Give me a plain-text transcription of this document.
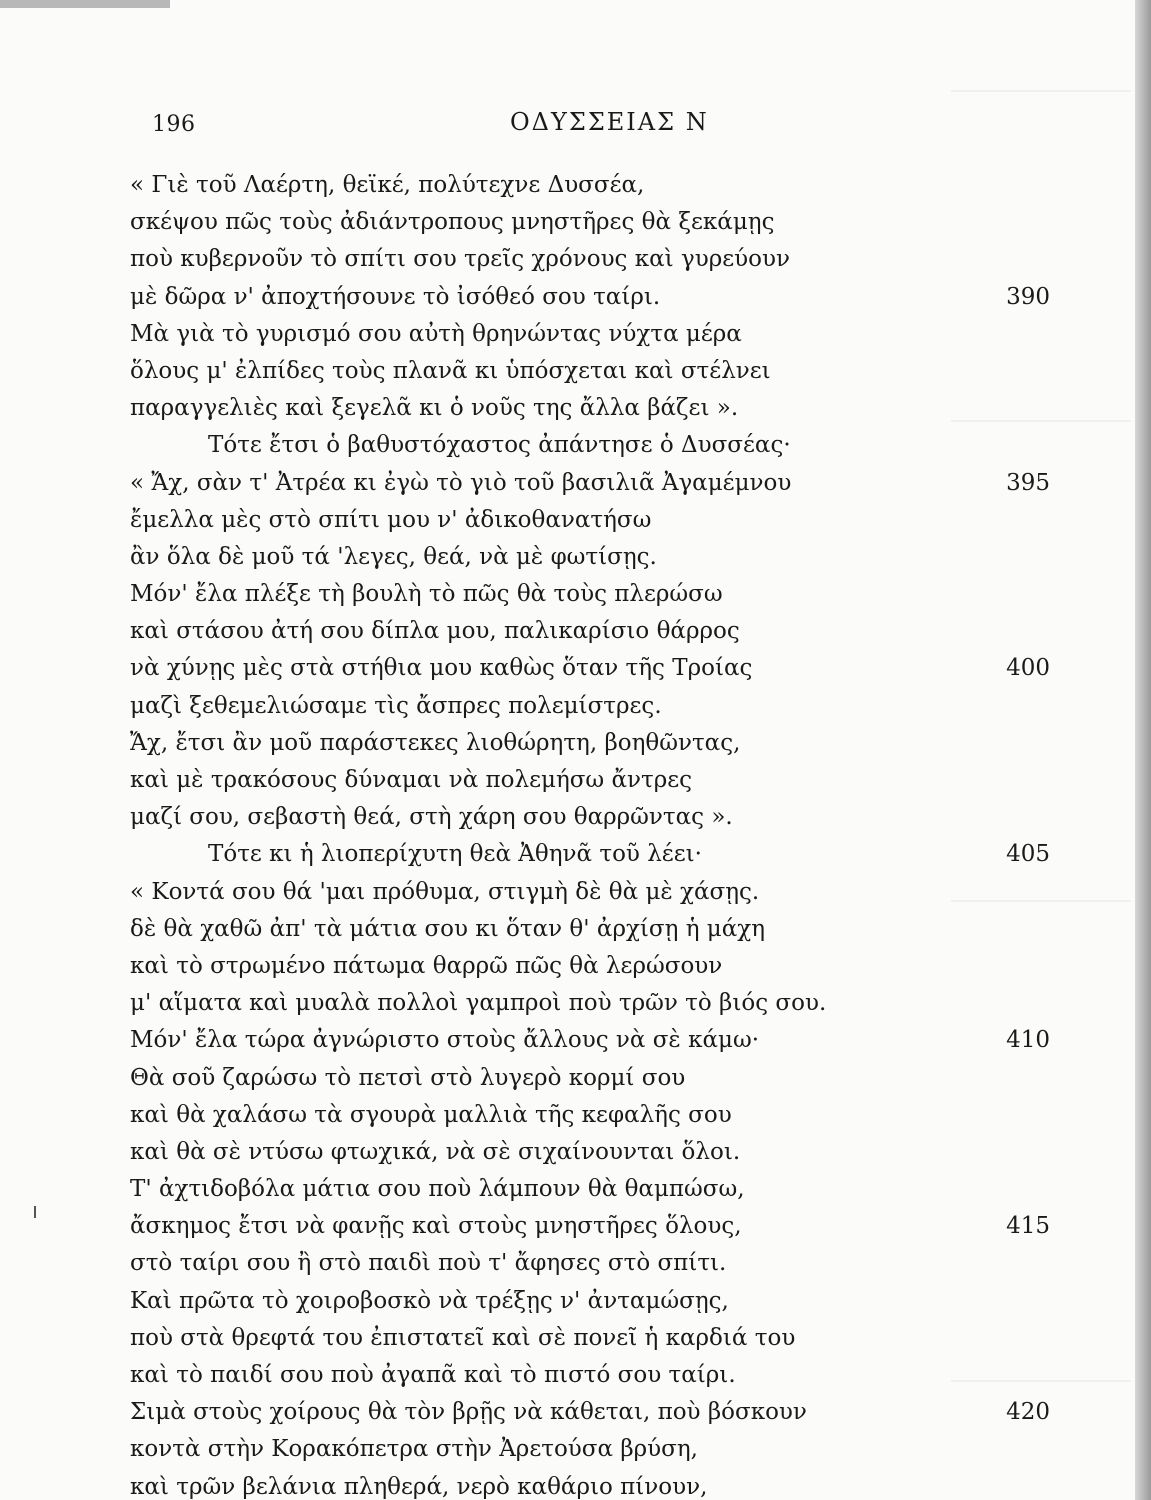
196	ΟΔΥΣΣΕΙΑΣ Ν
« Γιὲ τοῦ Λαέρτη, θεϊκέ, πολύτεχνε Δυσσέα,
σκέψου πῶς τοὺς ἀδιάντροπους μνηστῆρες θὰ ξεκάμῃς
ποὺ κυβερνοῦν τὸ σπίτι σου τρεῖς χρόνους καὶ γυρεύουν
μὲ δῶρα ν' ἀποχτήσουνε τὸ ἰσόθεό σου ταίρι.	390
Μὰ γιὰ τὸ γυρισμό σου αὐτὴ θρηνώντας νύχτα μέρα
ὅλους μ' ἐλπίδες τοὺς πλανᾶ κι ὑπόσχεται καὶ στέλνει
παραγγελιὲς καὶ ξεγελᾶ κι ὁ νοῦς της ἄλλα βάζει ».
Τότε ἔτσι ὁ βαθυστόχαστος ἀπάντησε ὁ Δυσσέας·
« Ἄχ, σὰν τ' Ἀτρέα κι ἐγὼ τὸ γιὸ τοῦ βασιλιᾶ Ἀγαμέμνου	395
ἔμελλα μὲς στὸ σπίτι μου ν' ἀδικοθανατήσω
ἂν ὅλα δὲ μοῦ τά 'λεγες, θεά, νὰ μὲ φωτίσῃς.
Μόν' ἔλα πλέξε τὴ βουλὴ τὸ πῶς θὰ τοὺς πλερώσω
καὶ στάσου ἀτή σου δίπλα μου, παλικαρίσιο θάρρος
νὰ χύνῃς μὲς στὰ στήθια μου καθὼς ὅταν τῆς Τροίας	400
μαζὶ ξεθεμελιώσαμε τὶς ἄσπρες πολεμίστρες.
Ἄχ, ἔτσι ἂν μοῦ παράστεκες λιοθώρητη, βοηθῶντας,
καὶ μὲ τρακόσους δύναμαι νὰ πολεμήσω ἄντρες
μαζί σου, σεβαστὴ θεά, στὴ χάρη σου θαρρῶντας ».
Τότε κι ἡ λιοπερίχυτη θεὰ Ἀθηνᾶ τοῦ λέει·	405
« Κοντά σου θά 'μαι πρόθυμα, στιγμὴ δὲ θὰ μὲ χάσῃς.
δὲ θὰ χαθῶ ἀπ' τὰ μάτια σου κι ὅταν θ' ἀρχίσῃ ἡ μάχη
καὶ τὸ στρωμένο πάτωμα θαρρῶ πῶς θὰ λερώσουν
μ' αἵματα καὶ μυαλὰ πολλοὶ γαμπροὶ ποὺ τρῶν τὸ βιός σου.
Μόν' ἔλα τώρα ἀγνώριστο στοὺς ἄλλους νὰ σὲ κάμω·	410
Θὰ σοῦ ζαρώσω τὸ πετσὶ στὸ λυγερὸ κορμί σου
καὶ θὰ χαλάσω τὰ σγουρὰ μαλλιὰ τῆς κεφαλῆς σου
καὶ θὰ σὲ ντύσω φτωχικά, νὰ σὲ σιχαίνουνται ὅλοι.
Τ' ἀχτιδοβόλα μάτια σου ποὺ λάμπουν θὰ θαμπώσω,
ἄσκημος ἔτσι νὰ φανῇς καὶ στοὺς μνηστῆρες ὅλους,	415
στὸ ταίρι σου ἢ στὸ παιδὶ ποὺ τ' ἄφησες στὸ σπίτι.
Καὶ πρῶτα τὸ χοιροβοσκὸ νὰ τρέξῃς ν' ἀνταμώσῃς,
ποὺ στὰ θρεφτά του ἐπιστατεῖ καὶ σὲ πονεῖ ἡ καρδιά του
καὶ τὸ παιδί σου ποὺ ἀγαπᾶ καὶ τὸ πιστό σου ταίρι.
Σιμὰ στοὺς χοίρους θὰ τὸν βρῇς νὰ κάθεται, ποὺ βόσκουν	420
κοντὰ στὴν Κορακόπετρα στὴν Ἀρετούσα βρύση,
καὶ τρῶν βελάνια πληθερά, νερὸ καθάριο πίνουν,
